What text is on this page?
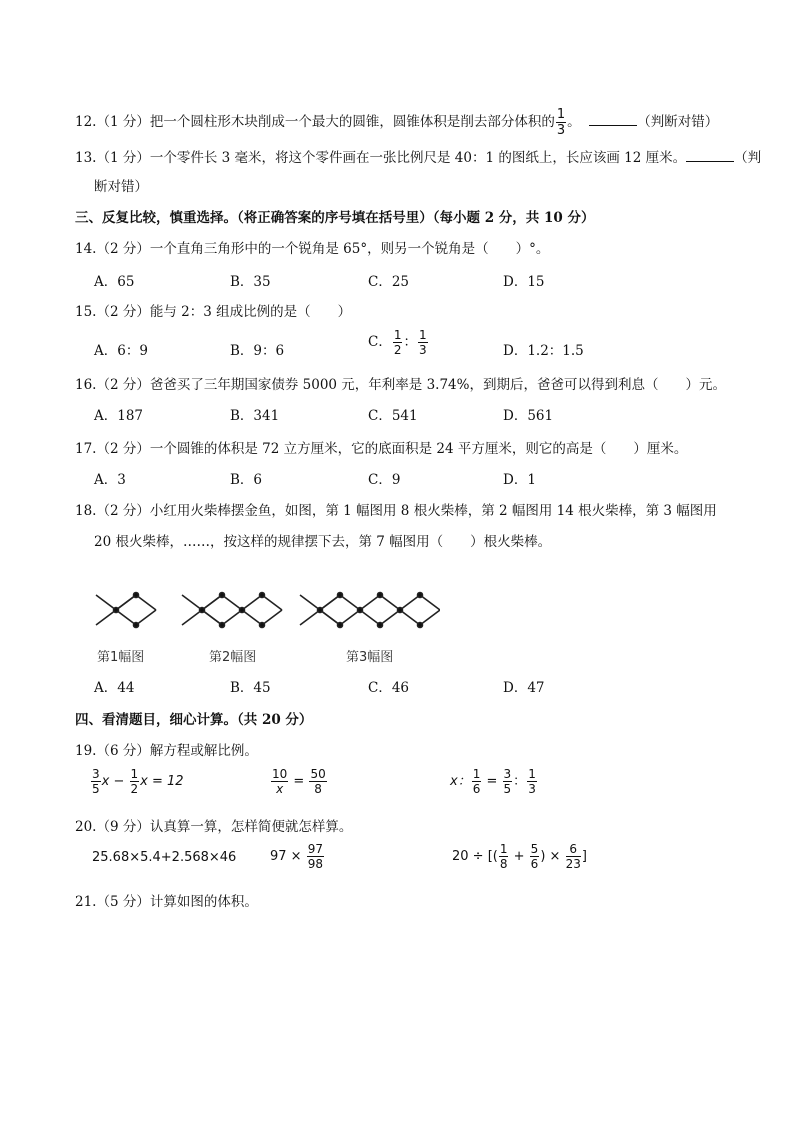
12.（1 分）把一个圆柱形木块削成一个最大的圆锥，圆锥体积是削去部分体积的 $\frac{1}{3}$ 。	（判断对错）
13.（1 分）一个零件长 3 毫米，将这个零件画在一张比例尺是 40：1 的图纸上，长应该画 12 厘米。	（判
断对错）
三、反复比较，慎重选择。（将正确答案的序号填在括号里）（每小题 2 分，共 10 分）
14.（2 分）一个直角三角形中的一个锐角是 65°，则另一个锐角是（　　）°。
A．65	B．35	C．25	D．15
15.（2 分）能与 2：3 组成比例的是（　　）
A．6：9	B．9：6
C． $\frac{1}{2}$ ： $\frac{1}{3}$	D．1.2：1.5
16.（2 分）爸爸买了三年期国家债券 5000 元，年利率是 3.74%，到期后，爸爸可以得到利息（　　）元。
A．187	B．341	C．541	D．561
17.（2 分）一个圆锥的体积是 72 立方厘米，它的底面积是 24 平方厘米，则它的高是（　　）厘米。
A．3	B．6	C．9	D．1
18.（2 分）小红用火柴棒摆金鱼，如图，第 1 幅图用 8 根火柴棒，第 2 幅图用 14 根火柴棒，第 3 幅图用
20 根火柴棒，……，按这样的规律摆下去，第 7 幅图用（　　）根火柴棒。
第1幅图	第2幅图	第3幅图
A．44	B．45	C．46	D．47
四、看清题目，细心计算。（共 20 分）
19.（6 分）解方程或解比例。
$\frac{3}{5}$ $x - \frac{1}{2}$ x = 12	$\frac{10}{x} = \frac{50}{8}$	x： $\frac{1}{6} = \frac{3}{5}$ ： $\frac{1}{3}$
20.（9 分）认真算一算，怎样简便就怎样算。
25.68×5.4+2.568×46	$97 \times \frac{97}{98}$	20 ÷ [( $\frac{1}{8} + \frac{5}{6}$ ) × $\frac{6}{23}$ ]
21.（5 分）计算如图的体积。
